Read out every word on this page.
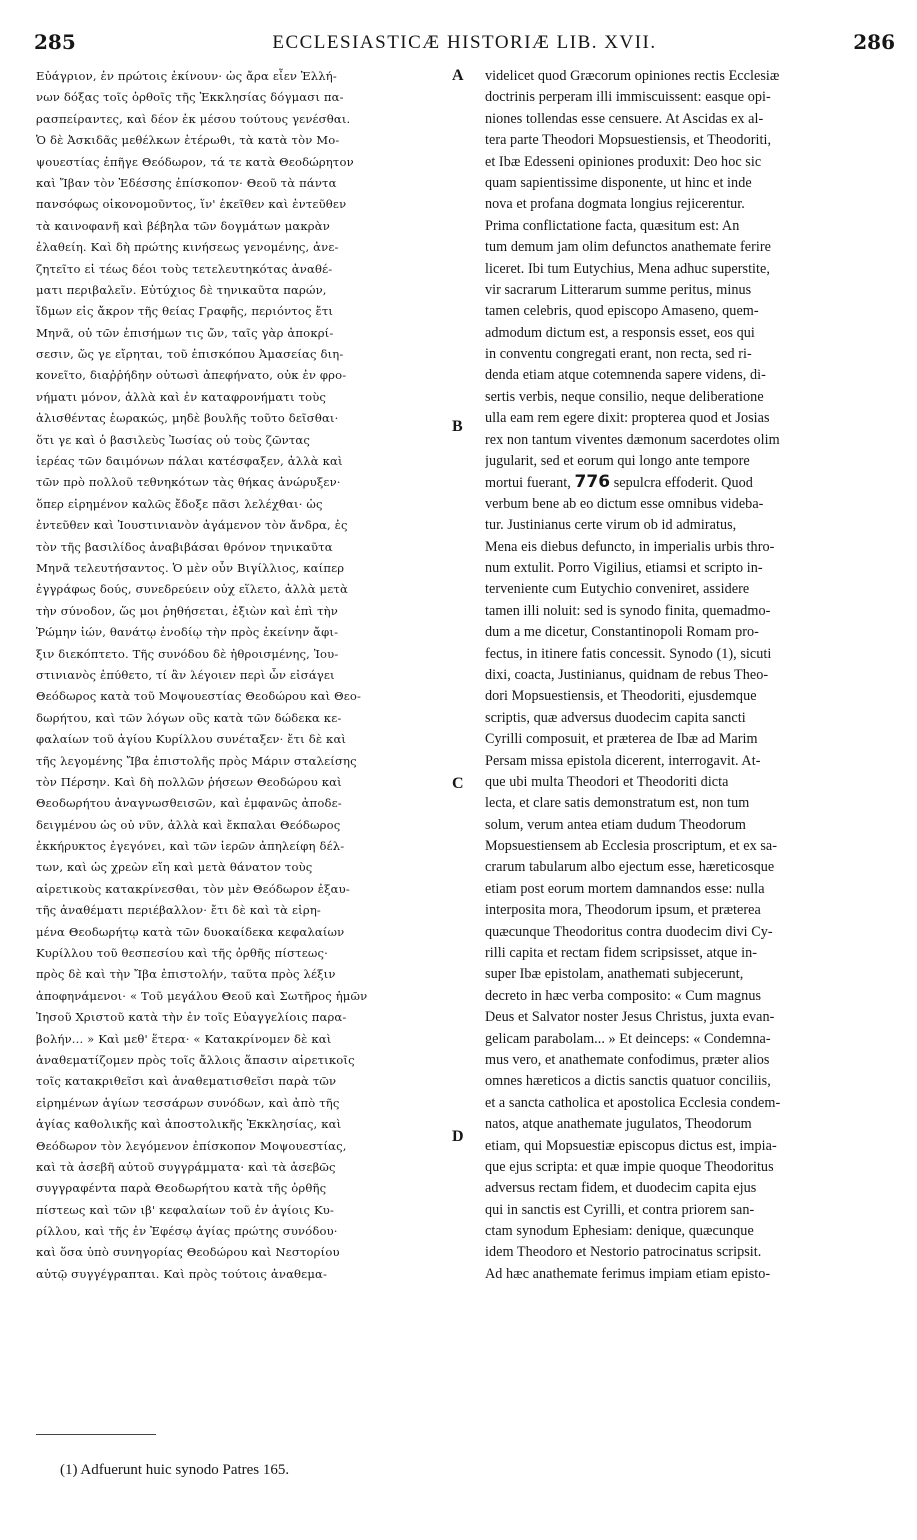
285	ECCLESIASTICÆ HISTORIÆ LIB. XVII.	286
Εὐάγριον, ἐν πρώτοις ἐκίνουν· ὡς ἄρα εἶεν Ἑλλή-
νων δόξας τοῖς ὀρθοῖς τῆς Ἐκκλησίας δόγμασι πα-
ρασπείραντες, καὶ δέον ἐκ μέσου τούτους γενέσθαι.
Ὁ δὲ Ἀσκιδᾶς μεθέλκων ἑτέρωθι, τὰ κατὰ τὸν Μο-
ψουεστίας ἐπῆγε Θεόδωρον, τά τε κατὰ Θεοδώρητον
καὶ Ἴβαν τὸν Ἐδέσσης ἐπίσκοπον· Θεοῦ τὰ πάντα
πανσόφως οἰκονομοῦντος, ἵν' ἐκεῖθεν καὶ ἐντεῦθεν
τὰ καινοφανῆ καὶ βέβηλα τῶν δογμάτων μακρὰν
ἐλαθείη. Καὶ δὴ πρώτης κινήσεως γενομένης, ἀνε-
ζητεῖτο εἰ τέως δέοι τοὺς τετελευτηκότας ἀναθέ-
ματι περιβαλεῖν. Εὐτύχιος δὲ τηνικαῦτα παρών,
ἴδμων εἰς ἄκρον τῆς θείας Γραφῆς, περιόντος ἔτι
Μηνᾶ, οὐ τῶν ἐπισήμων τις ὤν, ταῖς γὰρ ἀποκρί-
σεσιν, ὥς γε εἴρηται, τοῦ ἐπισκόπου Ἀμασείας διη-
κονεῖτο, διαῤῥήδην οὑτωσὶ ἀπεφήνατο, οὐκ ἐν φρο-
νήματι μόνον, ἀλλὰ καὶ ἐν καταφρονήματι τοὺς
ἀλισθέντας ἑωρακώς, μηδὲ βουλῆς τοῦτο δεῖσθαι·
ὅτι γε καὶ ὁ βασιλεὺς Ἰωσίας οὐ τοὺς ζῶντας
ἱερέας τῶν δαιμόνων πάλαι κατέσφαξεν, ἀλλὰ καὶ
τῶν πρὸ πολλοῦ τεθνηκότων τὰς θήκας ἀνώρυξεν·
ὅπερ εἰρημένον καλῶς ἔδοξε πᾶσι λελέχθαι· ὡς
ἐντεῦθεν καὶ Ἰουστινιανὸν ἀγάμενον τὸν ἄνδρα, ἐς
τὸν τῆς βασιλίδος ἀναβιβάσαι θρόνον τηνικαῦτα
Μηνᾶ τελευτήσαντος. Ὁ μὲν οὖν Βιγίλλιος, καίπερ
ἐγγράφως δούς, συνεδρεύειν οὐχ εἵλετο, ἀλλὰ μετὰ
τὴν σύνοδον, ὥς μοι ῥηθήσεται, ἐξιὼν καὶ ἐπὶ τὴν
Ῥώμην ἰών, θανάτῳ ἐνοδίῳ τὴν πρὸς ἐκείνην ἄφι-
ξιν διεκόπτετο. Τῆς συνόδου δὲ ἠθροισμένης, Ἰου-
στινιανὸς ἐπύθετο, τί ἂν λέγοιεν περὶ ὧν εἰσάγει
Θεόδωρος κατὰ τοῦ Μοψουεστίας Θεοδώρου καὶ Θεο-
δωρήτου, καὶ τῶν λόγων οὓς κατὰ τῶν δώδεκα κε-
φαλαίων τοῦ ἁγίου Κυρίλλου συνέταξεν· ἔτι δὲ καὶ
τῆς λεγομένης Ἴβα ἐπιστολῆς πρὸς Μάριν σταλείσης
τὸν Πέρσην. Καὶ δὴ πολλῶν ῥήσεων Θεοδώρου καὶ
Θεοδωρήτου ἀναγνωσθεισῶν, καὶ ἐμφανῶς ἀποδε-
δειγμένου ὡς οὐ νῦν, ἀλλὰ καὶ ἔκπαλαι Θεόδωρος
ἐκκήρυκτος ἐγεγόνει, καὶ τῶν ἱερῶν ἀπηλείφη δέλ-
των, καὶ ὡς χρεὼν εἴη καὶ μετὰ θάνατον τοὺς
αἱρετικοὺς κατακρίνεσθαι, τὸν μὲν Θεόδωρον ἐξαυ-
τῆς ἀναθέματι περιέβαλλον· ἔτι δὲ καὶ τὰ εἰρη-
μένα Θεοδωρήτῳ κατὰ τῶν δυοκαίδεκα κεφαλαίων
Κυρίλλου τοῦ θεσπεσίου καὶ τῆς ὀρθῆς πίστεως·
πρὸς δὲ καὶ τὴν Ἴβα ἐπιστολήν, ταῦτα πρὸς λέξιν
ἀποφηνάμενοι· « Τοῦ μεγάλου Θεοῦ καὶ Σωτῆρος ἡμῶν
Ἰησοῦ Χριστοῦ κατὰ τὴν ἐν τοῖς Εὐαγγελίοις παρα-
βολήν... » Καὶ μεθ' ἕτερα· « Κατακρίνομεν δὲ καὶ
ἀναθεματίζομεν πρὸς τοῖς ἄλλοις ἅπασιν αἱρετικοῖς
τοῖς κατακριθεῖσι καὶ ἀναθεματισθεῖσι παρὰ τῶν
εἰρημένων ἁγίων τεσσάρων συνόδων, καὶ ἀπὸ τῆς
ἁγίας καθολικῆς καὶ ἀποστολικῆς Ἐκκλησίας, καὶ
Θεόδωρον τὸν λεγόμενον ἐπίσκοπον Μοψουεστίας,
καὶ τὰ ἀσεβῆ αὐτοῦ συγγράμματα· καὶ τὰ ἀσεβῶς
συγγραφέντα παρὰ Θεοδωρήτου κατὰ τῆς ὀρθῆς
πίστεως καὶ τῶν ιβ' κεφαλαίων τοῦ ἐν ἁγίοις Κυ-
ρίλλου, καὶ τῆς ἐν Ἐφέσῳ ἁγίας πρώτης συνόδου·
καὶ ὅσα ὑπὸ συνηγορίας Θεοδώρου καὶ Νεστορίου
αὐτῷ συγγέγραπται. Καὶ πρὸς τούτοις ἀναθεμα-
videlicet quod Græcorum opiniones rectis Ecclesiæ
doctrinis perperam illi immiscuissent: easque opi-
niones tollendas esse censuere. At Ascidas ex al-
tera parte Theodori Mopsuestiensis, et Theodoriti,
et Ibæ Edesseni opiniones produxit: Deo hoc sic
quam sapientissime disponente, ut hinc et inde
nova et profana dogmata longius rejicerentur.
Prima conflictatione facta, quæsitum est: An
tum demum jam olim defunctos anathemate ferire
liceret. Ibi tum Eutychius, Mena adhuc superstite,
vir sacrarum Litterarum summe peritus, minus
tamen celebris, quod episcopo Amaseno, quem-
admodum dictum est, a responsis esset, eos qui
in conventu congregati erant, non recta, sed ri-
denda etiam atque cotemnenda sapere videns, di-
sertis verbis, neque consilio, neque deliberatione
ulla eam rem egere dixit: propterea quod et Josias
rex non tantum viventes dæmonum sacerdotes olim
jugularit, sed et eorum qui longo ante tempore
mortui fuerant, 776 sepulcra effoderit. Quod
verbum bene ab eo dictum esse omnibus videba-
tur. Justinianus certe virum ob id admiratus,
Mena eis diebus defuncto, in imperialis urbis thro-
num extulit. Porro Vigilius, etiamsi et scripto in-
terveniente cum Eutychio conveniret, assidere
tamen illi noluit: sed is synodo finita, quemadmo-
dum a me dicetur, Constantinopoli Romam pro-
fectus, in itinere fatis concessit. Synodo (1), sicuti
dixi, coacta, Justinianus, quidnam de rebus Theo-
dori Mopsuestiensis, et Theodoriti, ejusdemque
scriptis, quæ adversus duodecim capita sancti
Cyrilli composuit, et præterea de Ibæ ad Marim
Persam missa epistola dicerent, interrogavit. At-
que ubi multa Theodori et Theodoriti dicta
lecta, et clare satis demonstratum est, non tum
solum, verum antea etiam dudum Theodorum
Mopsuestiensem ab Ecclesia proscriptum, et ex sa-
crarum tabularum albo ejectum esse, hæreticosque
etiam post eorum mortem damnandos esse: nulla
interposita mora, Theodorum ipsum, et præterea
quæcunque Theodoritus contra duodecim divi Cy-
rilli capita et rectam fidem scripsisset, atque in-
super Ibæ epistolam, anathemati subjecerunt,
decreto in hæc verba composito: « Cum magnus
Deus et Salvator noster Jesus Christus, juxta evan-
gelicam parabolam... » Et deinceps: « Condemna-
mus vero, et anathemate confodimus, præter alios
omnes hæreticos a dictis sanctis quatuor conciliis,
et a sancta catholica et apostolica Ecclesia condem-
natos, atque anathemate jugulatos, Theodorum
etiam, qui Mopsuestiæ episcopus dictus est, impia-
que ejus scripta: et quæ impie quoque Theodoritus
adversus rectam fidem, et duodecim capita ejus
qui in sanctis est Cyrilli, et contra priorem san-
ctam synodum Ephesiam: denique, quæcunque
idem Theodoro et Nestorio patrocinatus scripsit.
Ad hæc anathemate ferimus impiam etiam episto-
A
B
C
D
(1) Adfuerunt huic synodo Patres 165.
